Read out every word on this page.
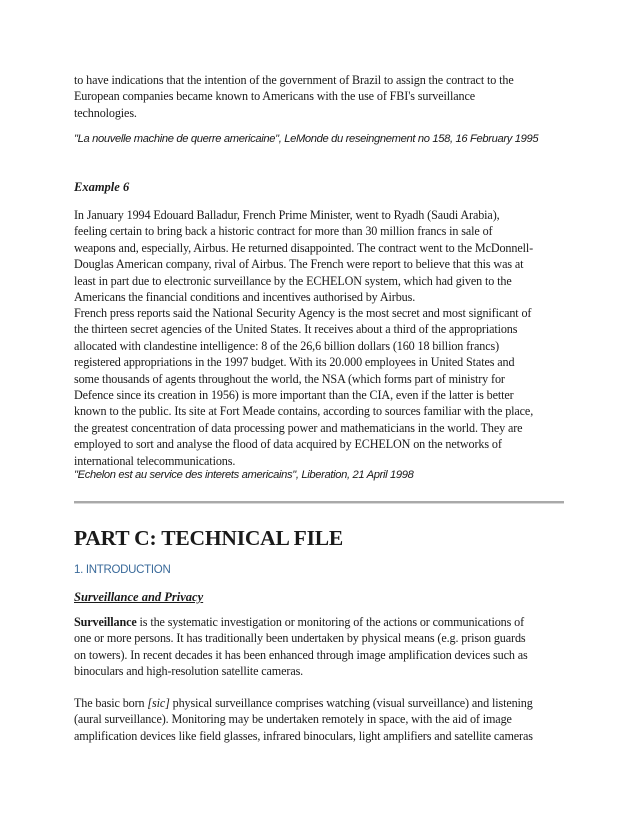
to have indications that the intention of the government of Brazil to assign the contract to the

European companies became known to Americans with the use of FBI's surveillance

technologies.

"La nouvelle machine de querre americaine", LeMonde du reseingnement no 158, 16 February 1995

Example 6

In January 1994 Edouard Balladur, French Prime Minister, went to Ryadh (Saudi Arabia),

feeling certain to bring back a historic contract for more than 30 million francs in sale of

weapons and, especially, Airbus. He returned disappointed. The contract went to the McDonnell-

Douglas American company, rival of Airbus. The French were report to believe that this was at

least in part due to electronic surveillance by the ECHELON system, which had given to the

Americans the financial conditions and incentives authorised by Airbus.

French press reports said the National Security Agency is the most secret and most significant of

the thirteen secret agencies of the United States. It receives about a third of the appropriations

allocated with clandestine intelligence: 8 of the 26,6 billion dollars (160 18 billion francs)

registered appropriations in the 1997 budget. With its 20.000 employees in United States and

some thousands of agents throughout the world, the NSA (which forms part of ministry for

Defence since its creation in 1956) is more important than the CIA, even if the latter is better

known to the public. Its site at Fort Meade contains, according to sources familiar with the place,

the greatest concentration of data processing power and mathematicians in the world. They are

employed to sort and analyse the flood of data acquired by ECHELON on the networks of

international telecommunications.

"Echelon est au service des interets americains", Liberation, 21 April 1998

PART C: TECHNICAL FILE

1. INTRODUCTION

Surveillance and Privacy

Surveillance is the systematic investigation or monitoring of the actions or communications of

one or more persons. It has traditionally been undertaken by physical means (e.g. prison guards

on towers). In recent decades it has been enhanced through image amplification devices such as

binoculars and high-resolution satellite cameras.

The basic born [sic] physical surveillance comprises watching (visual surveillance) and listening

(aural surveillance). Monitoring may be undertaken remotely in space, with the aid of image

amplification devices like field glasses, infrared binoculars, light amplifiers and satellite cameras
